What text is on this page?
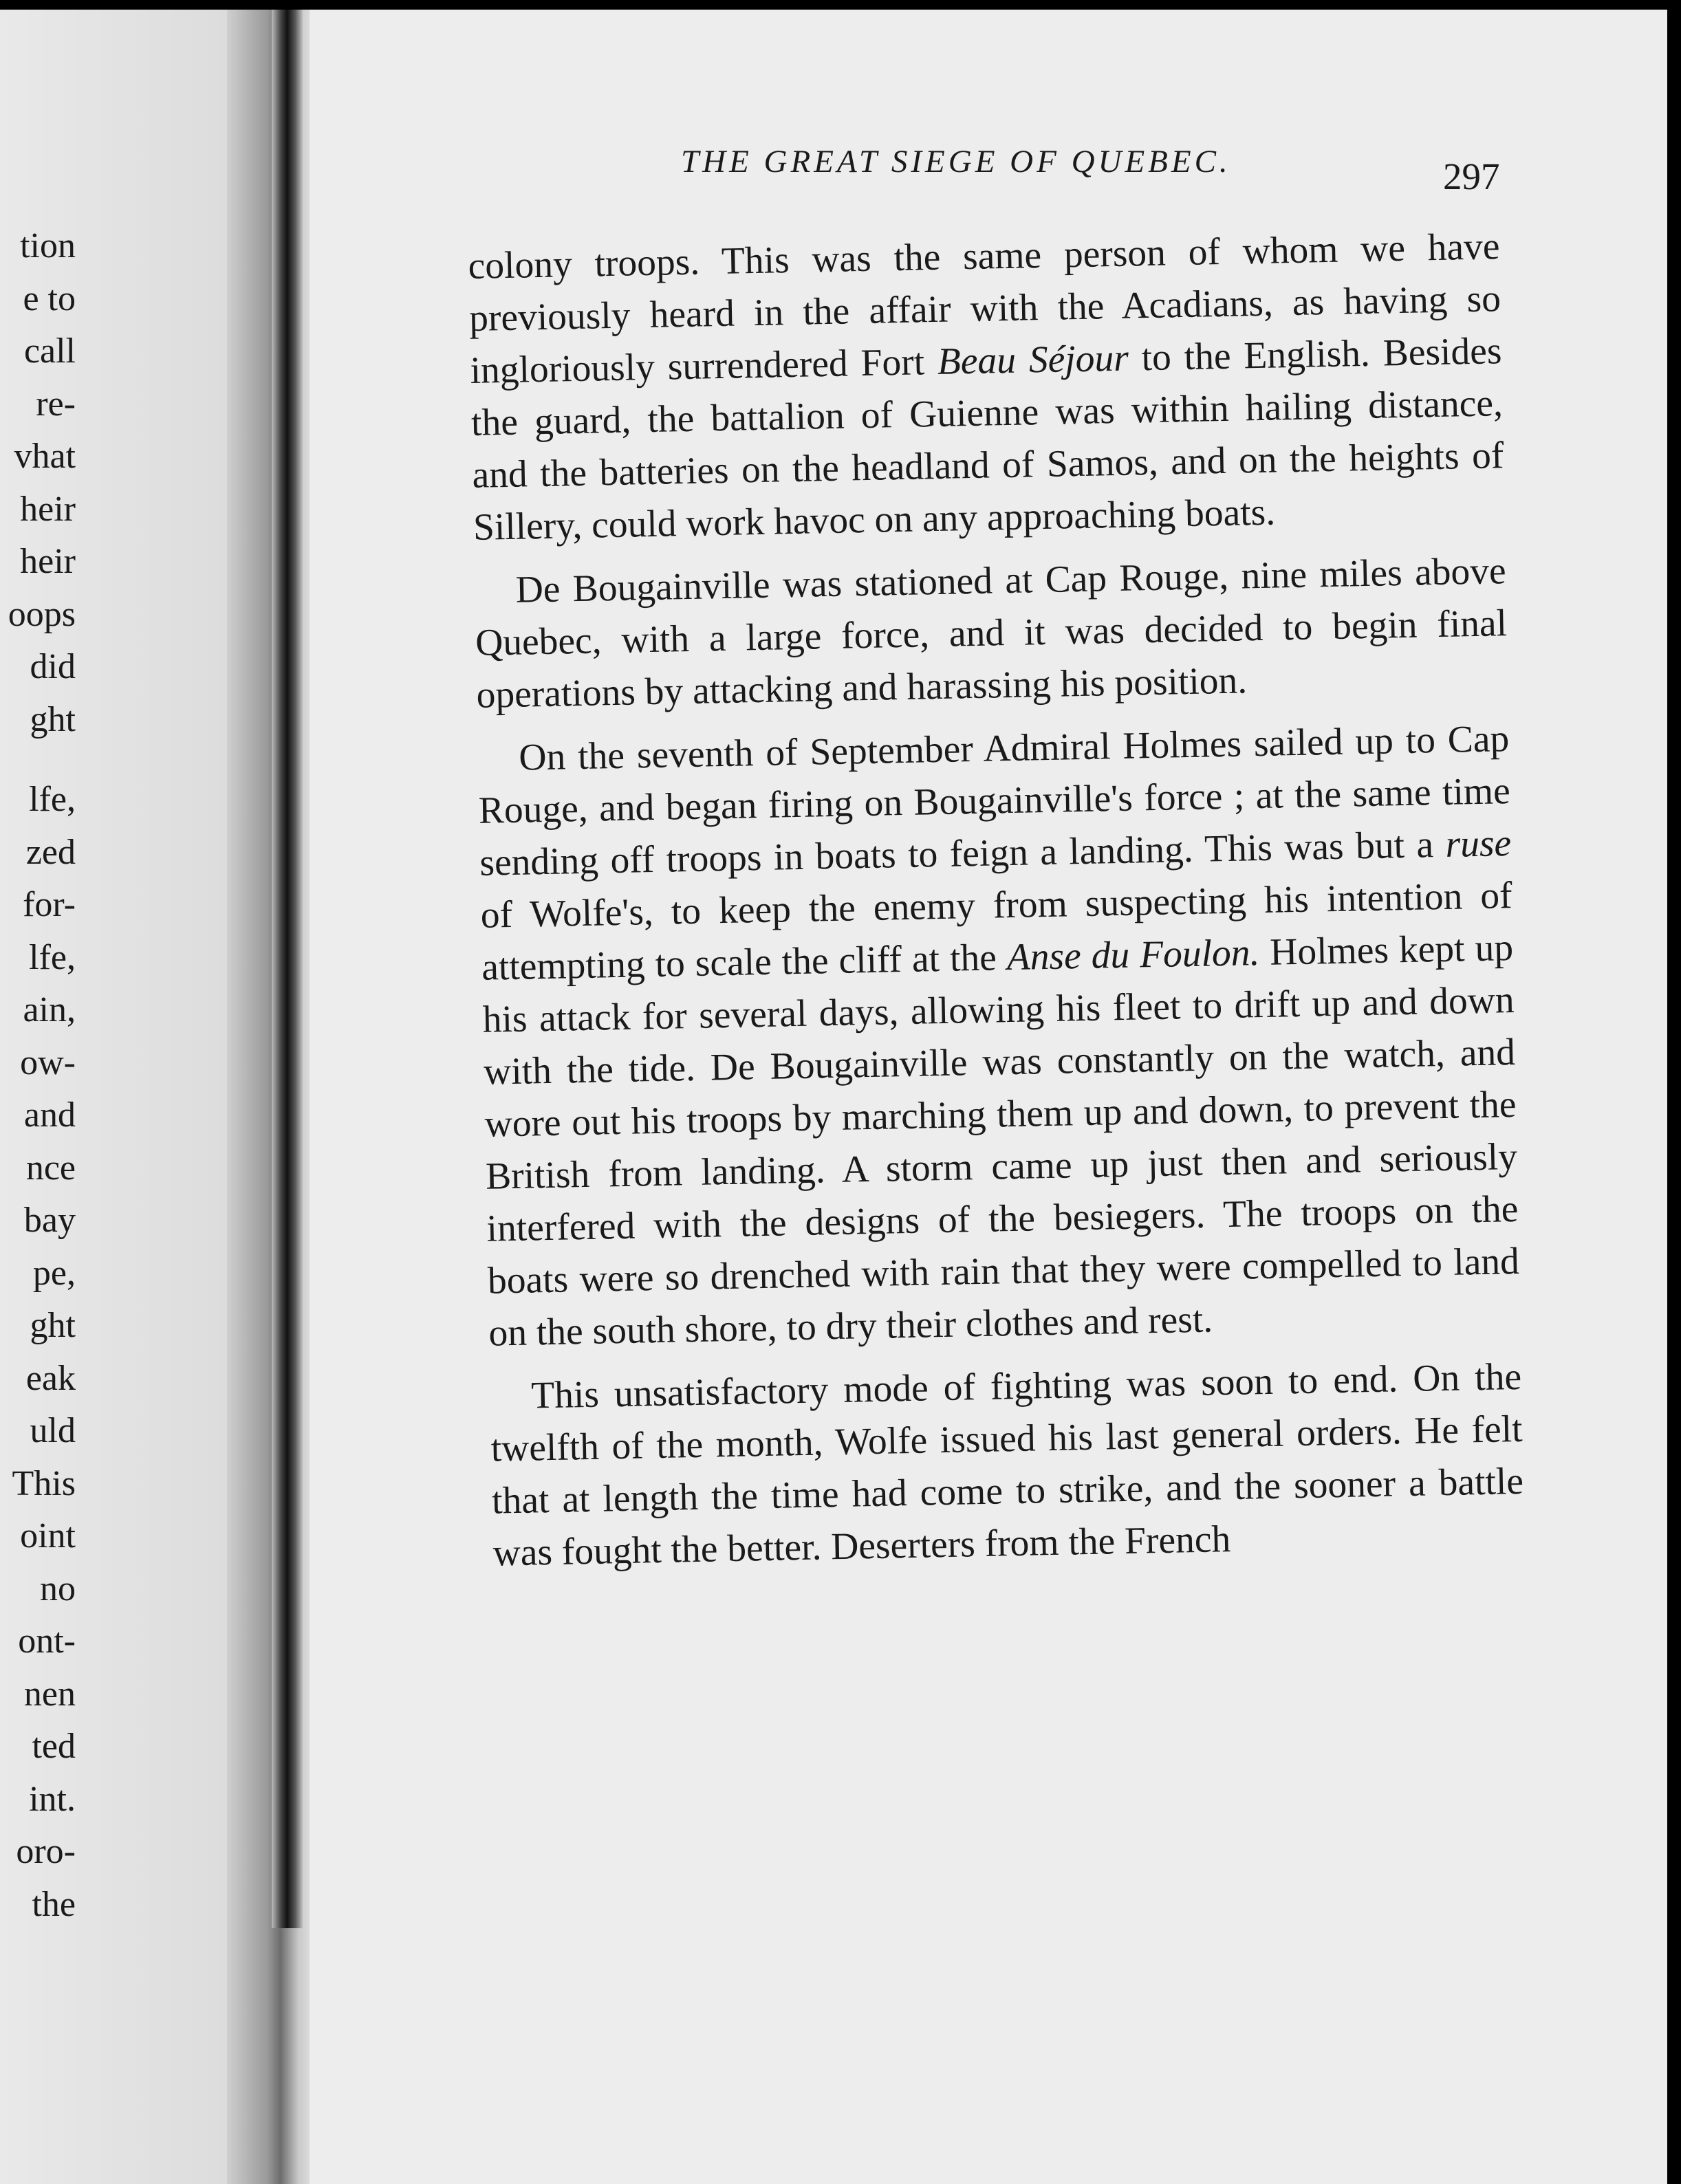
tion
e to
call
re-
vhat
heir
heir
oops
did
ght
lfe,
zed
for-
lfe,
ain,
ow-
and
nce
bay
pe,
ght
eak
uld
This
oint
no
ont-
nen
ted
int.
oro-
the
THE GREAT SIEGE OF QUEBEC.	297

colony troops. This was the same person of whom we have previously heard in the affair with the Acadians, as having so ingloriously surrendered Fort Beau Séjour to the English. Besides the guard, the battalion of Guienne was within hailing distance, and the batteries on the headland of Samos, and on the heights of Sillery, could work havoc on any approaching boats.

De Bougainville was stationed at Cap Rouge, nine miles above Quebec, with a large force, and it was decided to begin final operations by attacking and harassing his position.

On the seventh of September Admiral Holmes sailed up to Cap Rouge, and began firing on Bougainville's force ; at the same time sending off troops in boats to feign a landing. This was but a ruse of Wolfe's, to keep the enemy from suspecting his intention of attempting to scale the cliff at the Anse du Foulon. Holmes kept up his attack for several days, allowing his fleet to drift up and down with the tide. De Bougainville was constantly on the watch, and wore out his troops by marching them up and down, to prevent the British from landing. A storm came up just then and seriously interfered with the designs of the besiegers. The troops on the boats were so drenched with rain that they were compelled to land on the south shore, to dry their clothes and rest.

This unsatisfactory mode of fighting was soon to end. On the twelfth of the month, Wolfe issued his last general orders. He felt that at length the time had come to strike, and the sooner a battle was fought the better. Deserters from the French
